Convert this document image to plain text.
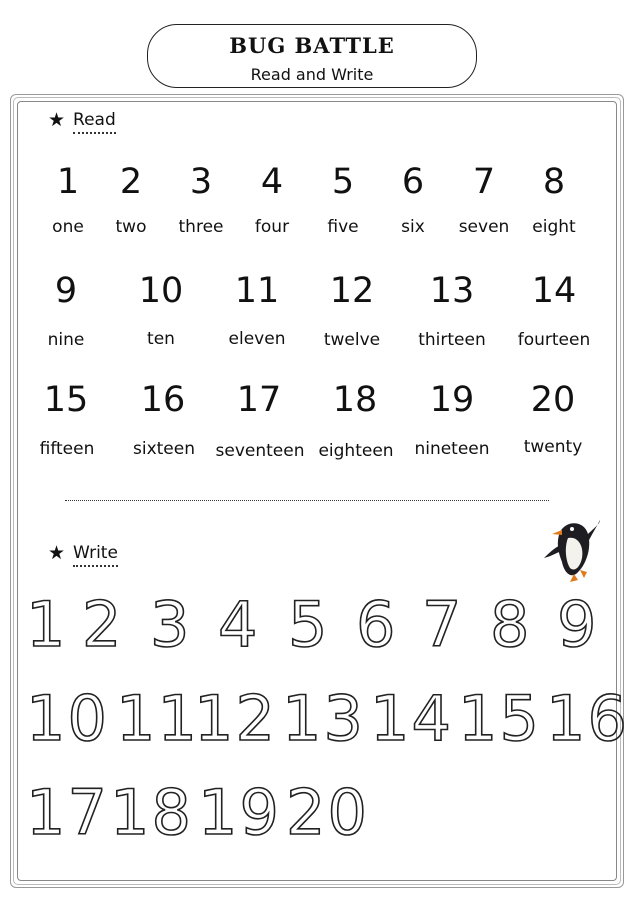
BUG BATTLE
Read and Write
★ Read
1
one
2
two
3
three
4
four
5
five
6
six
7
seven
8
eight
9
nine
10
ten
11
eleven
12
twelve
13
thirteen
14
fourteen
15
fifteen
16
sixteen
17
seventeen
18
eighteen
19
nineteen
20
twenty
★ Write
1 2 3 4 5 6 7 8 9
10 11
12 13 14 15 16
17 18 19 20
